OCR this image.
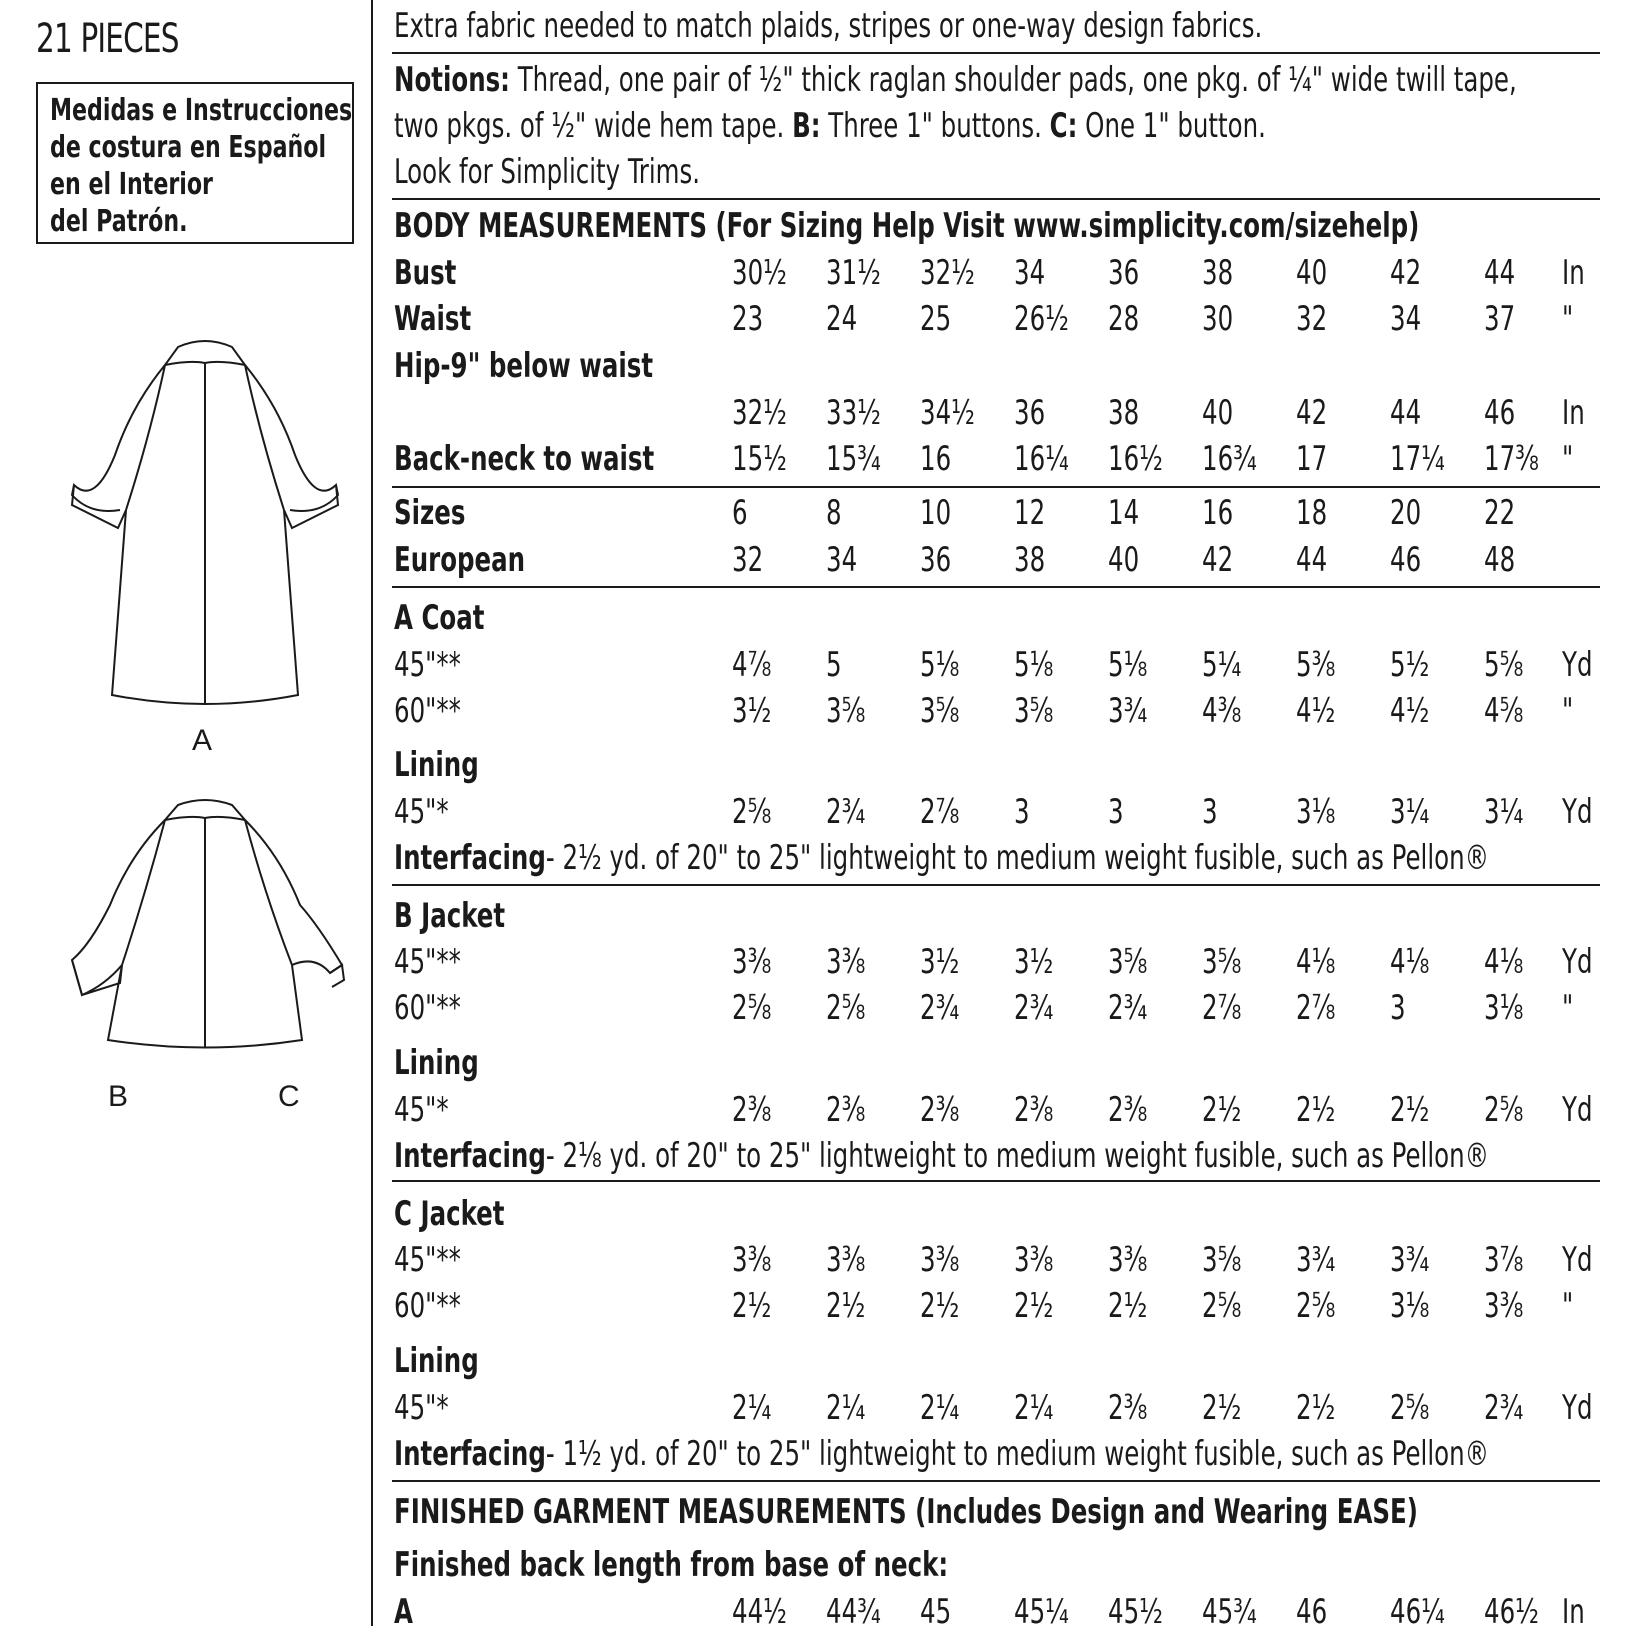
21 PIECES
Medidas e Instrucciones
de costura en Español
en el Interior
del Patrón.
A
B	C
Extra fabric needed to match plaids, stripes or one-way design fabrics.
Notions: Thread, one pair of ½" thick raglan shoulder pads, one pkg. of ¼" wide twill tape,
two pkgs. of ½" wide hem tape. B: Three 1" buttons. C: One 1" button.
Look for Simplicity Trims.
BODY MEASUREMENTS (For Sizing Help Visit www.simplicity.com/sizehelp)
Bust	30½ 31½ 32½ 34 36 38 40 42 44 In
Waist	23 24 25 26½ 28 30 32 34 37 "
Hip-9" below waist
32½ 33½ 34½ 36 38 40 42 44 46 In
Back-neck to waist 15½ 15¾ 16 16¼ 16½ 16¾ 17 17¼ 17⅜ "
Sizes	6 8 10 12 14 16 18 20 22
European	32 34 36 38 40 42 44 46 48
A Coat
45"**	4⅞ 5 5⅛ 5⅛ 5⅛ 5¼ 5⅜ 5½ 5⅝ Yd
60"**	3½ 3⅝ 3⅝ 3⅝ 3¾ 4⅜ 4½ 4½ 4⅝ "
Lining
45"*	2⅝ 2¾ 2⅞ 3 3 3 3⅛ 3¼ 3¼ Yd
Interfacing- 2½ yd. of 20" to 25" lightweight to medium weight fusible, such as Pellon®
B Jacket
45"**	3⅜ 3⅜ 3½ 3½ 3⅝ 3⅝ 4⅛ 4⅛ 4⅛ Yd
60"**	2⅝ 2⅝ 2¾ 2¾ 2¾ 2⅞ 2⅞ 3 3⅛ "
Lining
45"*	2⅜ 2⅜ 2⅜ 2⅜ 2⅜ 2½ 2½ 2½ 2⅝ Yd
Interfacing- 2⅛ yd. of 20" to 25" lightweight to medium weight fusible, such as Pellon®
C Jacket
45"**	3⅜ 3⅜ 3⅜ 3⅜ 3⅜ 3⅝ 3¾ 3¾ 3⅞ Yd
60"**	2½ 2½ 2½ 2½ 2½ 2⅝ 2⅝ 3⅛ 3⅜ "
Lining
45"*	2¼ 2¼ 2¼ 2¼ 2⅜ 2½ 2½ 2⅝ 2¾ Yd
Interfacing- 1½ yd. of 20" to 25" lightweight to medium weight fusible, such as Pellon®
FINISHED GARMENT MEASUREMENTS (Includes Design and Wearing EASE)
Finished back length from base of neck:
A	44½ 44¾ 45 45¼ 45½ 45¾ 46 46¼ 46½ In
